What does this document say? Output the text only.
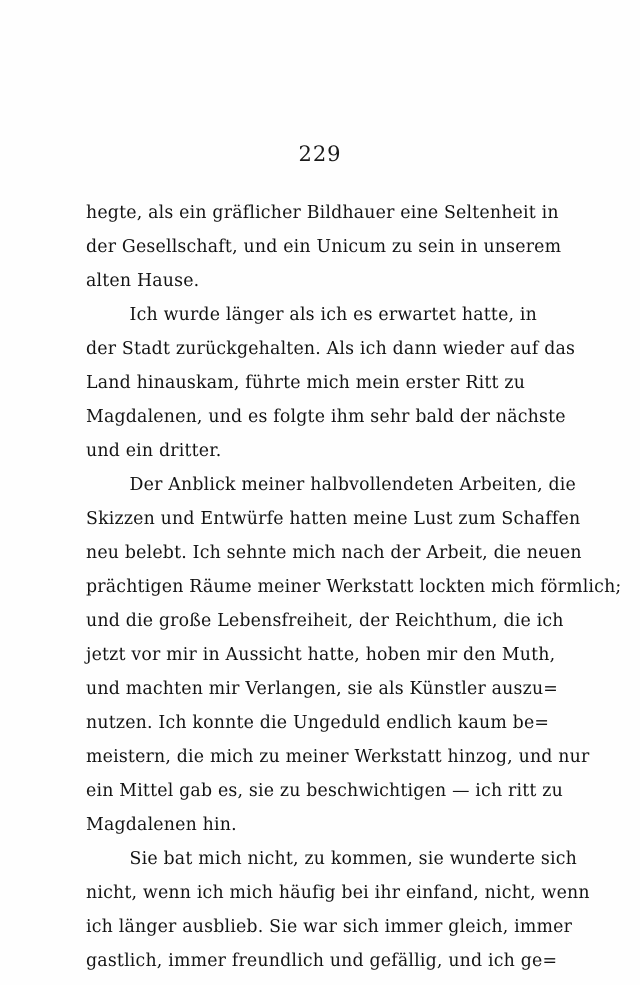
229

hegte, als ein gräflicher Bildhauer eine Seltenheit in
der Gesellschaft, und ein Unicum zu sein in unserem
alten Hause.

Ich wurde länger als ich es erwartet hatte, in
der Stadt zurückgehalten. Als ich dann wieder auf das
Land hinauskam, führte mich mein erster Ritt zu
Magdalenen, und es folgte ihm sehr bald der nächste
und ein dritter.

Der Anblick meiner halbvollendeten Arbeiten, die
Skizzen und Entwürfe hatten meine Lust zum Schaffen
neu belebt. Ich sehnte mich nach der Arbeit, die neuen
prächtigen Räume meiner Werkstatt lockten mich förmlich;
und die große Lebensfreiheit, der Reichthum, die ich
jetzt vor mir in Aussicht hatte, hoben mir den Muth,
und machten mir Verlangen, sie als Künstler auszu=
nutzen. Ich konnte die Ungeduld endlich kaum be=
meistern, die mich zu meiner Werkstatt hinzog, und nur
ein Mittel gab es, sie zu beschwichtigen — ich ritt zu
Magdalenen hin.

Sie bat mich nicht, zu kommen, sie wunderte sich
nicht, wenn ich mich häufig bei ihr einfand, nicht, wenn
ich länger ausblieb. Sie war sich immer gleich, immer
gastlich, immer freundlich und gefällig, und ich ge=
